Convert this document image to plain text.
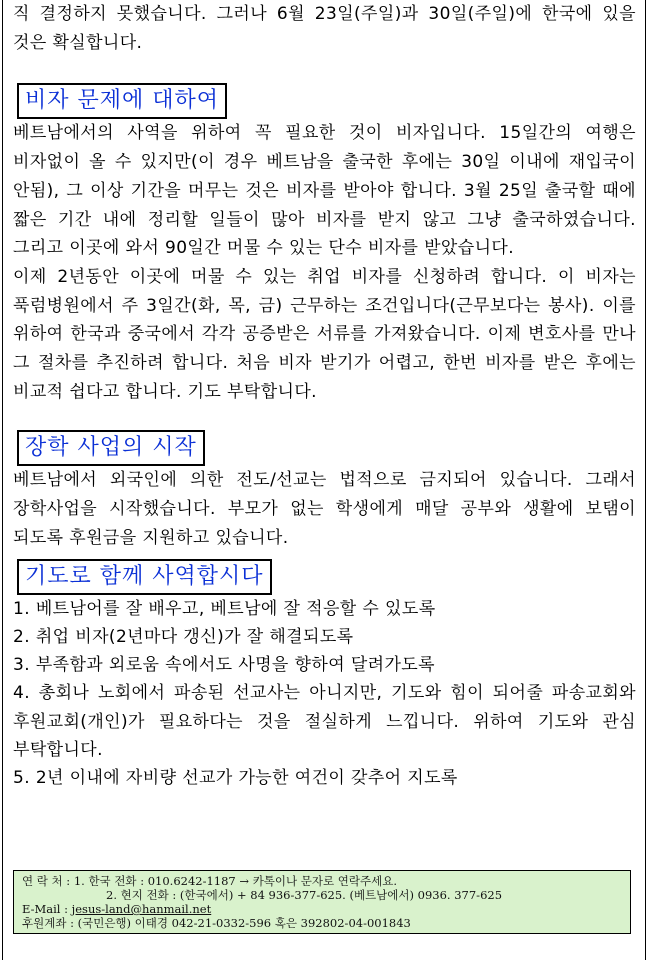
직 결정하지 못했습니다. 그러나 6월 23일(주일)과 30일(주일)에 한국에 있을 것은 확실합니다.

비자 문제에 대하여

베트남에서의 사역을 위하여 꼭 필요한 것이 비자입니다. 15일간의 여행은 비자없이 올 수 있지만(이 경우 베트남을 출국한 후에는 30일 이내에 재입국이 안됨), 그 이상 기간을 머무는 것은 비자를 받아야 합니다. 3월 25일 출국할 때에 짧은 기간 내에 정리할 일들이 많아 비자를 받지 않고 그냥 출국하였습니다. 그리고 이곳에 와서 90일간 머물 수 있는 단수 비자를 받았습니다.

이제 2년동안 이곳에 머물 수 있는 취업 비자를 신청하려 합니다. 이 비자는 푹럼병원에서 주 3일간(화, 목, 금) 근무하는 조건입니다(근무보다는 봉사). 이를 위하여 한국과 중국에서 각각 공증받은 서류를 가져왔습니다. 이제 변호사를 만나 그 절차를 추진하려 합니다. 처음 비자 받기가 어렵고, 한번 비자를 받은 후에는 비교적 쉽다고 합니다. 기도 부탁합니다.

장학 사업의 시작

베트남에서 외국인에 의한 전도/선교는 법적으로 금지되어 있습니다. 그래서 장학사업을 시작했습니다. 부모가 없는 학생에게 매달 공부와 생활에 보탬이 되도록 후원금을 지원하고 있습니다.

기도로 함께 사역합시다
1. 베트남어를 잘 배우고, 베트남에 잘 적응할 수 있도록
2. 취업 비자(2년마다 갱신)가 잘 해결되도록
3. 부족함과 외로움 속에서도 사명을 향하여 달려가도록
4. 총회나 노회에서 파송된 선교사는 아니지만, 기도와 힘이 되어줄 파송교회와 후원교회(개인)가 필요하다는 것을 절실하게 느낍니다. 위하여 기도와 관심 부탁합니다.
5. 2년 이내에 자비량 선교가 가능한 여건이 갖추어 지도록
연 락 처 : 1. 한국 전화 : 010.6242-1187 → 카톡이나 문자로 연락주세요.
2. 현지 전화 : (한국에서) + 84 936-377-625. (베트남에서) 0936. 377-625
E-Mail : jesus-land@hanmail.net
후원계좌 : (국민은행) 이태경 042-21-0332-596 혹은 392802-04-001843
